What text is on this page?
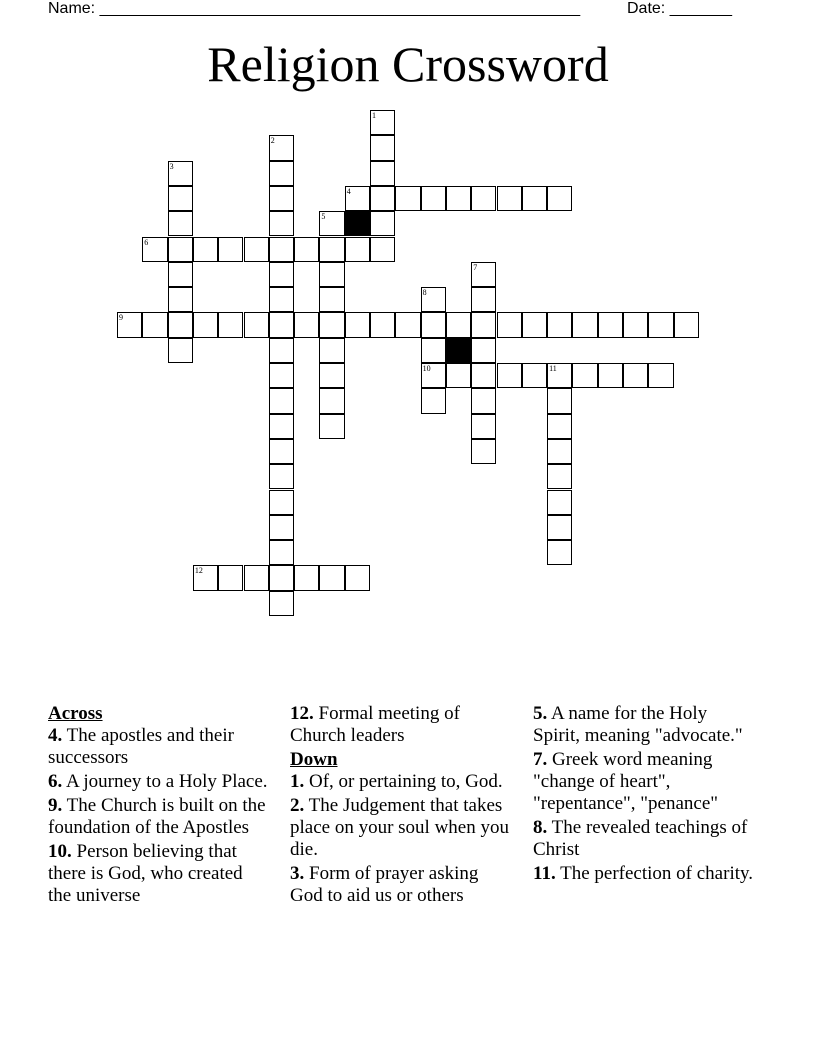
Name: ______________________________________________________	Date: _______
Religion Crossword
1
2
3
4
5
6
7
8
10
9
11
12
Across
4. The apostles and their successors
6. A journey to a Holy Place.
9. The Church is built on the foundation of the Apostles
10. Person believing that there is God, who created the universe
12. Formal meeting of Church leaders
Down
1. Of, or pertaining to, God.
2. The Judgement that takes place on your soul when you die.
3. Form of prayer asking God to aid us or others
5. A name for the Holy Spirit, meaning "advocate."
7. Greek word meaning "change of heart", "repentance", "penance"
8. The revealed teachings of Christ
11. The perfection of charity.
